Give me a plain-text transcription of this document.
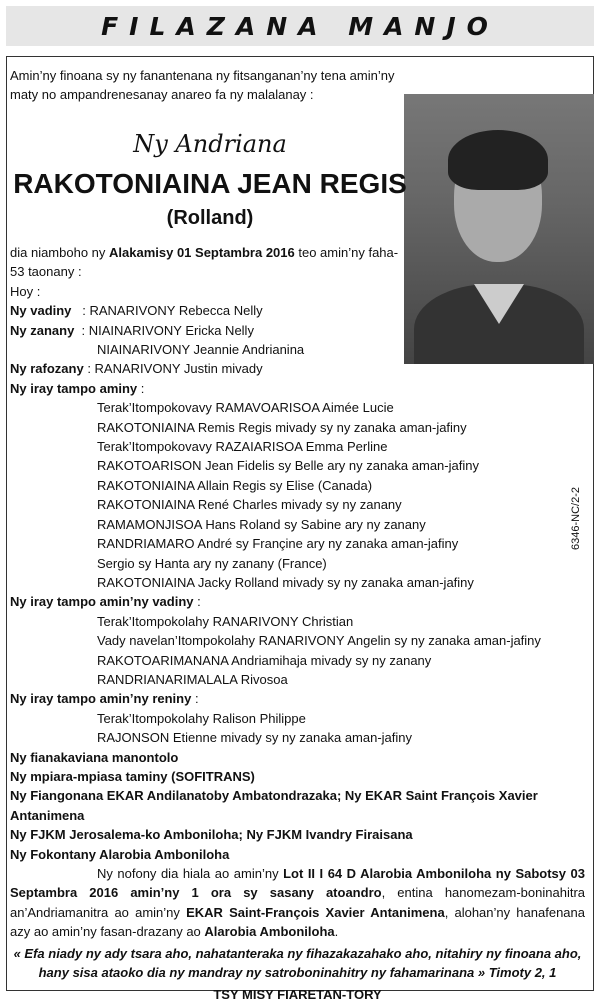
FILAZANA MANJO
Amin’ny finoana sy ny fanantenana ny fitsanganan’ny tena amin’ny maty no ampandrenesanay anareo fa ny malalanay :
Ny Andriana
RAKOTONIAINA JEAN REGIS
(Rolland)

dia niamboho ny Alakamisy 01 Septambra 2016 teo amin’ny faha-53 taonany :

Hoy :

Ny vadiny   : RANARIVONY Rebecca Nelly

Ny zanany  : NIAINARIVONY Ericka Nelly

NIAINARIVONY Jeannie Andrianina

Ny rafozany : RANARIVONY Justin mivady

Ny iray tampo aminy :

Terak’Itompokovavy RAMAVOARISOA Aimée Lucie

RAKOTONIAINA Remis Regis mivady sy ny zanaka aman-jafiny

Terak’Itompokovavy RAZAIARISOA Emma Perline

RAKOTOARISON Jean Fidelis sy Belle ary ny zanaka aman-jafiny

RAKOTONIAINA Allain Regis sy Elise (Canada)

RAKOTONIAINA René Charles mivady sy ny zanany

RAMAMONJISOA Hans Roland sy Sabine ary ny zanany

RANDRIAMARO André sy Françine ary ny zanaka aman-jafiny

Sergio sy Hanta ary ny zanany (France)

RAKOTONIAINA Jacky Rolland mivady sy ny zanaka aman-jafiny

Ny iray tampo amin’ny vadiny :

Terak’Itompokolahy RANARIVONY Christian

Vady navelan’Itompokolahy RANARIVONY Angelin sy ny zanaka aman-jafiny

RAKOTOARIMANANA Andriamihaja mivady sy ny zanany

RANDRIANARIMALALA Rivosoa

Ny iray tampo amin’ny reniny :

Terak’Itompokolahy Ralison Philippe

RAJONSON Etienne mivady sy ny zanaka aman-jafiny

Ny fianakaviana manontolo

Ny mpiara-mpiasa taminy (SOFITRANS)

Ny Fiangonana EKAR Andilanatoby Ambatondrazaka; Ny EKAR Saint François Xavier Antanimena

Ny FJKM Jerosalema-ko Amboniloha; Ny FJKM Ivandry Firaisana

Ny Fokontany Alarobia Amboniloha

Ny nofony dia hiala ao amin’ny Lot II I 64 D Alarobia Amboniloha ny Sabotsy 03 Septambra 2016 amin’ny 1 ora sy sasany atoandro, entina hanomezam-boninahitra an’Andriamanitra ao amin’ny EKAR Saint-François Xavier Antanimena, alohan’ny hanafenana azy ao amin’ny fasan-drazany ao Alarobia Amboniloha.

« Efa niady ny ady tsara aho, nahatanteraka ny fihazakazahako aho, nitahiry ny finoana aho, hany sisa ataoko dia ny mandray ny satroboninahitry ny fahamarinana » Timoty 2, 1

TSY MISY FIARETAN-TORY

6346-NC/2-2
